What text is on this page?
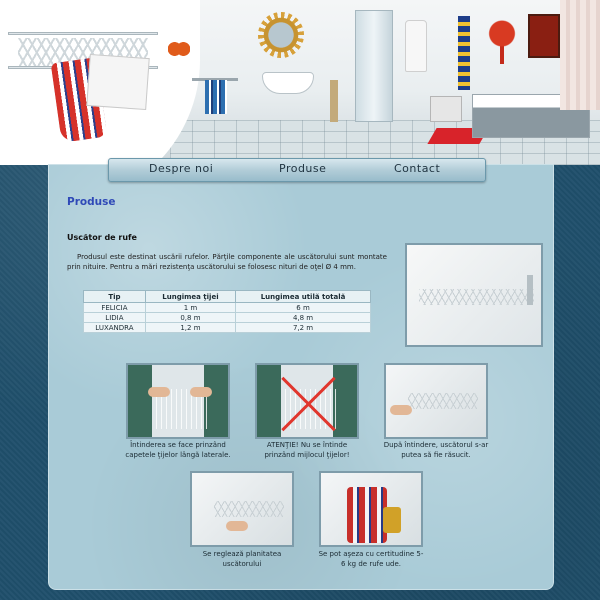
Despre noi	Produse	Contact
Produse
Uscător de rufe
Produsul este destinat uscării rufelor. Părţile componente ale uscătorului sunt montate prin nituire. Pentru a mări rezistenţa uscătorului se folosesc nituri de oţel Ø 4 mm.
Tip	Lungimea ţijei	Lungimea utilă totală
FELICIA	1 m	6 m
LIDIA	0,8 m	4,8 m
LUXANDRA	1,2 m	7,2 m
Întinderea se face prinzând capetele ţijelor lângă laterale.
ATENŢIE! Nu se întinde prinzând mijlocul ţijelor!
După întindere, uscătorul s-ar putea să fie răsucit.
Se reglează planitatea uscătorului
Se pot aşeza cu certitudine 5-6 kg de rufe ude.
